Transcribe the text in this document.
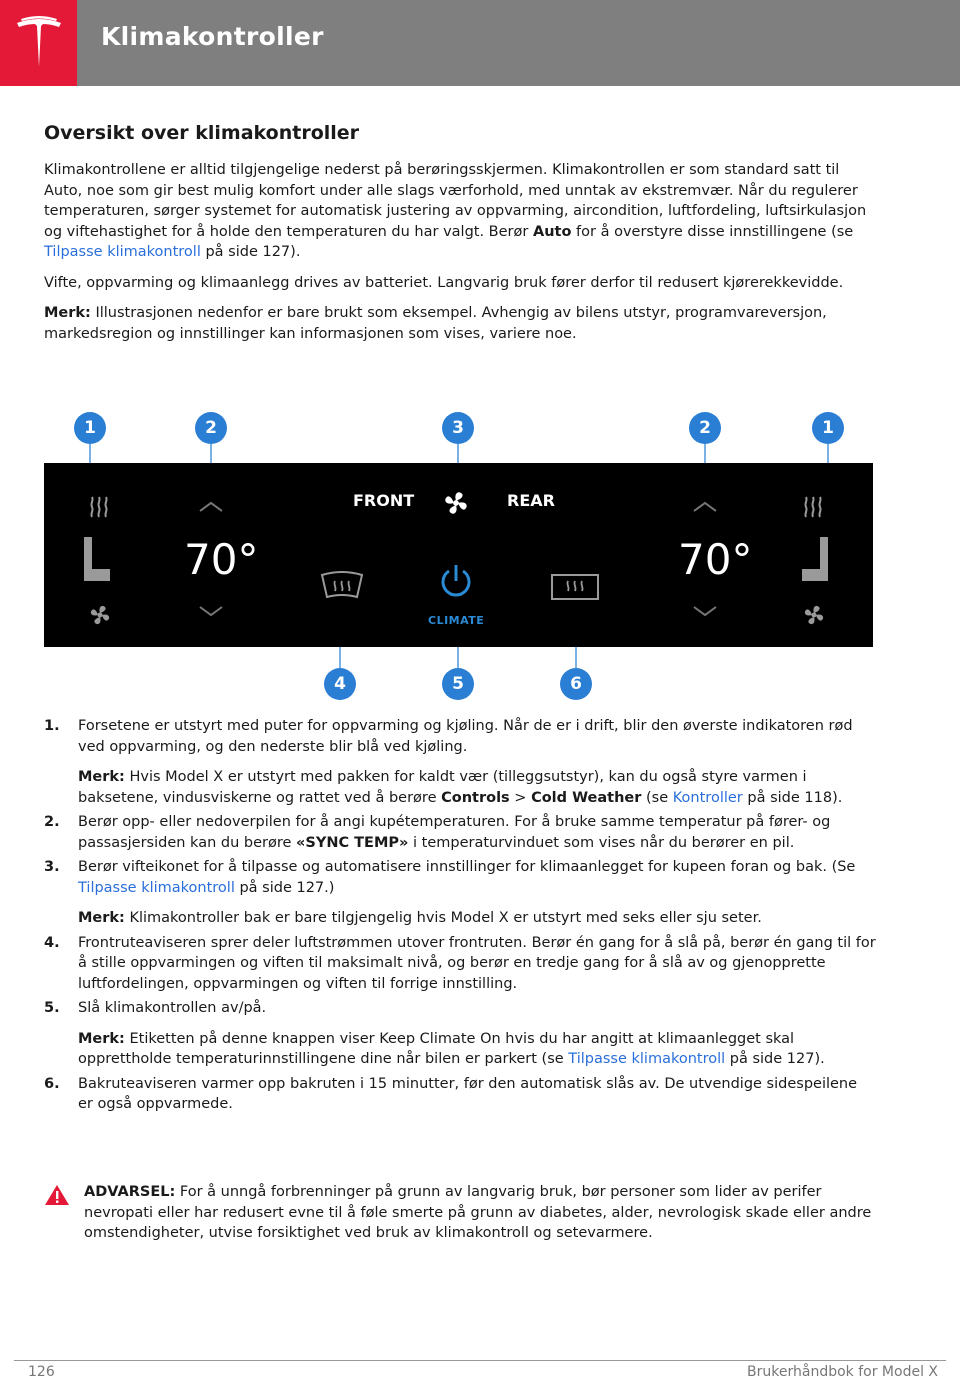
Klimakontroller
Oversikt over klimakontroller

Klimakontrollene er alltid tilgjengelige nederst på berøringsskjermen. Klimakontrollen er som standard satt til Auto, noe som gir best mulig komfort under alle slags værforhold, med unntak av ekstremvær. Når du regulerer temperaturen, sørger systemet for automatisk justering av oppvarming, aircondition, luftfordeling, luftsirkulasjon og viftehastighet for å holde den temperaturen du har valgt. Berør Auto for å overstyre disse innstillingene (se Tilpasse klimakontroll på side 127).

Vifte, oppvarming og klimaanlegg drives av batteriet. Langvarig bruk fører derfor til redusert kjørerekkevidde.

Merk: Illustrasjonen nedenfor er bare brukt som eksempel. Avhengig av bilens utstyr, programvareversjon, markedsregion og innstillinger kan informasjonen som vises, variere noe.

1	2	3	2	1
4	5	6
70°
FRONT	REAR
CLIMATE
70°
1. Forsetene er utstyrt med puter for oppvarming og kjøling. Når de er i drift, blir den øverste indikatoren rød ved oppvarming, og den nederste blir blå ved kjøling.
Merk: Hvis Model X er utstyrt med pakken for kaldt vær (tilleggsutstyr), kan du også styre varmen i baksetene, vindusviskerne og rattet ved å berøre Controls > Cold Weather (se Kontroller på side 118).
2. Berør opp- eller nedoverpilen for å angi kupétemperaturen. For å bruke samme temperatur på fører- og passasjersiden kan du berøre «SYNC TEMP» i temperaturvinduet som vises når du berører en pil.
3. Berør vifteikonet for å tilpasse og automatisere innstillinger for klimaanlegget for kupeen foran og bak. (Se Tilpasse klimakontroll på side 127.)
Merk: Klimakontroller bak er bare tilgjengelig hvis Model X er utstyrt med seks eller sju seter.
4. Frontruteaviseren sprer deler luftstrømmen utover frontruten. Berør én gang for å slå på, berør én gang til for å stille oppvarmingen og viften til maksimalt nivå, og berør en tredje gang for å slå av og gjenopprette luftfordelingen, oppvarmingen og viften til forrige innstilling.
5. Slå klimakontrollen av/på.
Merk: Etiketten på denne knappen viser Keep Climate On hvis du har angitt at klimaanlegget skal opprettholde temperaturinnstillingene dine når bilen er parkert (se Tilpasse klimakontroll på side 127).
6. Bakruteaviseren varmer opp bakruten i 15 minutter, før den automatisk slås av. De utvendige sidespeilene er også oppvarmede.
ADVARSEL: For å unngå forbrenninger på grunn av langvarig bruk, bør personer som lider av perifer nevropati eller har redusert evne til å føle smerte på grunn av diabetes, alder, nevrologisk skade eller andre omstendigheter, utvise forsiktighet ved bruk av klimakontroll og setevarmere.
126	Brukerhåndbok for Model X
